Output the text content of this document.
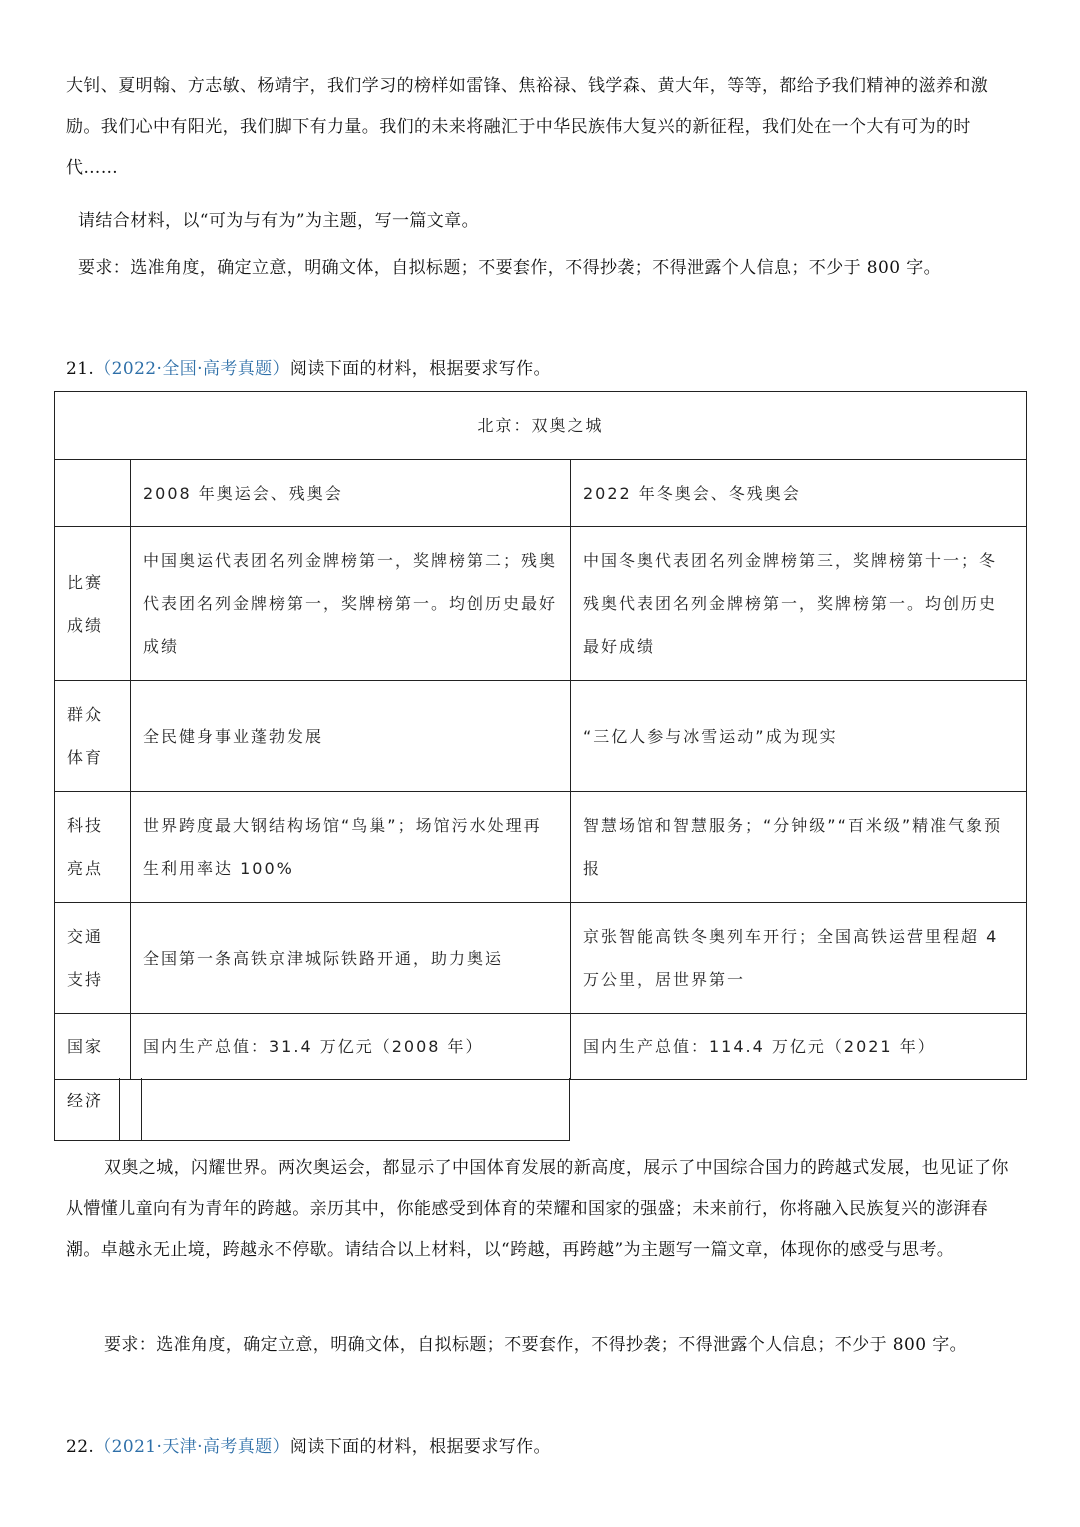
大钊、夏明翰、方志敏、杨靖宇，我们学习的榜样如雷锋、焦裕禄、钱学森、黄大年，等等，都给予我们精神的滋养和激励。我们心中有阳光，我们脚下有力量。我们的未来将融汇于中华民族伟大复兴的新征程，我们处在一个大有可为的时代……

请结合材料，以“可为与有为”为主题，写一篇文章。

要求：选准角度，确定立意，明确文体，自拟标题；不要套作，不得抄袭；不得泄露个人信息；不少于 800 字。

21.（2022·全国·高考真题）阅读下面的材料，根据要求写作。
北京：双奥之城		
	2008 年奥运会、残奥会	2022 年冬奥会、冬残奥会
比赛成绩	中国奥运代表团名列金牌榜第一，奖牌榜第二；残奥代表团名列金牌榜第一，奖牌榜第一。均创历史最好成绩	中国冬奥代表团名列金牌榜第三，奖牌榜第十一；冬残奥代表团名列金牌榜第一，奖牌榜第一。均创历史最好成绩
群众体育	全民健身事业蓬勃发展	“三亿人参与冰雪运动”成为现实
科技亮点	世界跨度最大钢结构场馆“鸟巢”；场馆污水处理再生利用率达 100%	智慧场馆和智慧服务；“分钟级”“百米级”精准气象预报
交通支持	全国第一条高铁京津城际铁路开通，助力奥运	京张智能高铁冬奥列车开行；全国高铁运营里程超 4 万公里，居世界第一
国家	国内生产总值：31.4 万亿元（2008 年）	国内生产总值：114.4 万亿元（2021 年）
经济

双奥之城，闪耀世界。两次奥运会，都显示了中国体育发展的新高度，展示了中国综合国力的跨越式发展，也见证了你从懵懂儿童向有为青年的跨越。亲历其中，你能感受到体育的荣耀和国家的强盛；未来前行，你将融入民族复兴的澎湃春潮。卓越永无止境，跨越永不停歇。请结合以上材料，以“跨越，再跨越”为主题写一篇文章，体现你的感受与思考。

要求：选准角度，确定立意，明确文体，自拟标题；不要套作，不得抄袭；不得泄露个人信息；不少于 800 字。

22.（2021·天津·高考真题）阅读下面的材料，根据要求写作。
